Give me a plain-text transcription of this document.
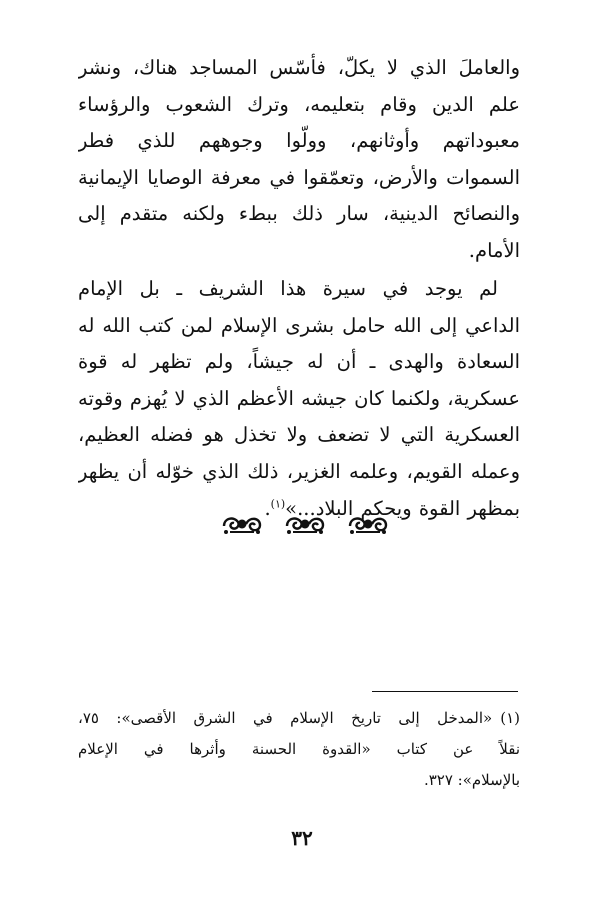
والعاملَ الذي لا يكلّ، فأسّس المساجد هناك، ونشر
علم الدين وقام بتعليمه، وترك الشعوب والرؤساء
معبوداتهم وأوثانهم، وولّوا وجوههم للذي فطر
السموات والأرض، وتعمّقوا في معرفة الوصايا الإيمانية
والنصائح الدينية، سار ذلك ببطء ولكنه متقدم إلى
الأمام.
لم يوجد في سيرة هذا الشريف ـ بل الإمام
الداعي إلى الله حامل بشرى الإسلام لمن كتب الله له
السعادة والهدى ـ أن له جيشاً، ولم تظهر له قوة
عسكرية، ولكنما كان جيشه الأعظم الذي لا يُهزم وقوته
العسكرية التي لا تضعف ولا تخذل هو فضله العظيم،
وعمله القويم، وعلمه الغزير، ذلك الذي خوّله أن يظهر
بمظهر القوة ويحكم البلاد...»$^{(١)}$.
(١)«المدخل إلى تاريخ الإسلام في الشرق الأقصى»: ٧٥،
نقلاً عن كتاب «القدوة الحسنة وأثرها في الإعلام
بالإسلام»: ٣٢٧.
٣٢
